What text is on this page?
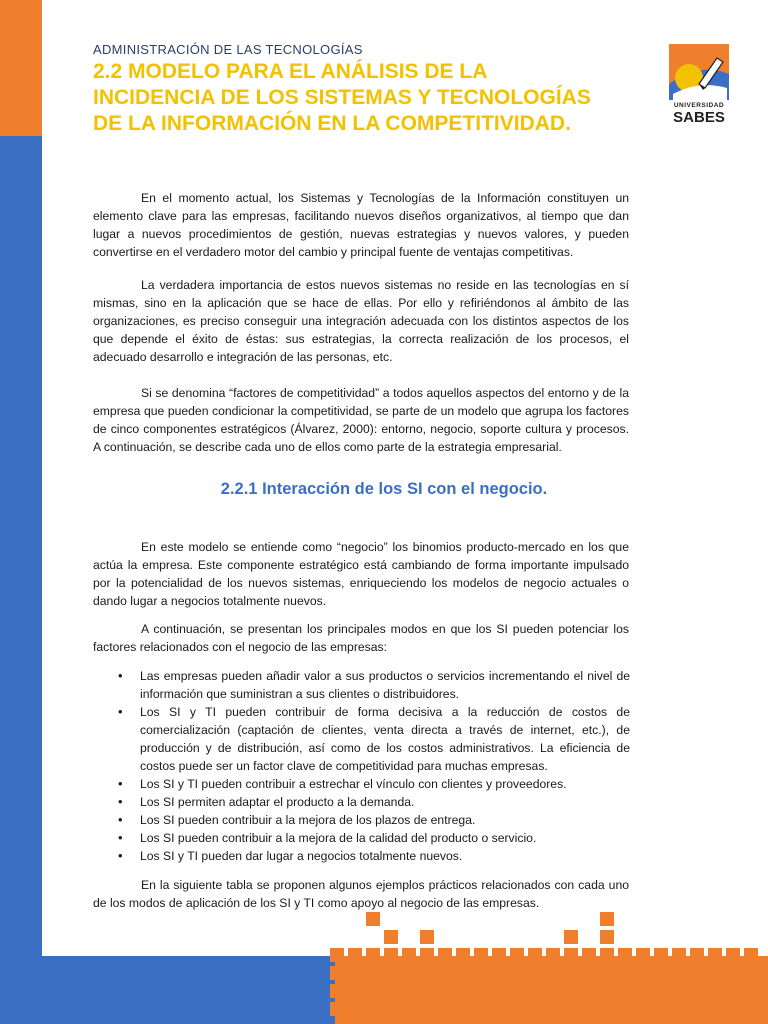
UNIVERSIDAD
SABES
ADMINISTRACIÓN DE LAS TECNOLOGÍAS
2.2 MODELO PARA EL ANÁLISIS DE LA INCIDENCIA DE LOS SISTEMAS Y TECNOLOGÍAS DE LA INFORMACIÓN EN LA COMPETITIVIDAD.

En el momento actual, los Sistemas y Tecnologías de la Información constituyen un elemento clave para las empresas, facilitando nuevos diseños organizativos, al tiempo que dan lugar a nuevos procedimientos de gestión, nuevas estrategias y nuevos valores, y pueden convertirse en el verdadero motor del cambio y principal fuente de ventajas competitivas.

La verdadera importancia de estos nuevos sistemas no reside en las tecnologías en sí mismas, sino en la aplicación que se hace de ellas. Por ello y refiriéndonos al ámbito de las organizaciones, es preciso conseguir una integración adecuada con los distintos aspectos de los que depende el éxito de éstas: sus estrategias, la correcta realización de los procesos, el adecuado desarrollo e integración de las personas, etc.

Si se denomina “factores de competitividad” a todos aquellos aspectos del entorno y de la empresa que pueden condicionar la competitividad, se parte de un modelo que agrupa los factores de cinco componentes estratégicos (Álvarez, 2000): entorno, negocio, soporte cultura y procesos. A continuación, se describe cada uno de ellos como parte de la estrategia empresarial.

2.2.1 Interacción de los SI con el negocio.

En este modelo se entiende como “negocio” los binomios producto-mercado en los que actúa la empresa. Este componente estratégico está cambiando de forma importante impulsado por la potencialidad de los nuevos sistemas, enriqueciendo los modelos de negocio actuales o dando lugar a negocios totalmente nuevos.

A continuación, se presentan los principales modos en que los SI pueden potenciar los factores relacionados con el negocio de las empresas:

• Las empresas pueden añadir valor a sus productos o servicios incrementando el nivel de información que suministran a sus clientes o distribuidores.
• Los SI y TI pueden contribuir de forma decisiva a la reducción de costos de comercialización (captación de clientes, venta directa a través de internet, etc.), de producción y de distribución, así como de los costos administrativos. La eficiencia de costos puede ser un factor clave de competitividad para muchas empresas.
• Los SI y TI pueden contribuir a estrechar el vínculo con clientes y proveedores.
• Los SI permiten adaptar el producto a la demanda.
• Los SI pueden contribuir a la mejora de los plazos de entrega.
• Los SI pueden contribuir a la mejora de la calidad del producto o servicio.
• Los SI y TI pueden dar lugar a negocios totalmente nuevos.

En la siguiente tabla se proponen algunos ejemplos prácticos relacionados con cada uno de los modos de aplicación de los SI y TI como apoyo al negocio de las empresas.
